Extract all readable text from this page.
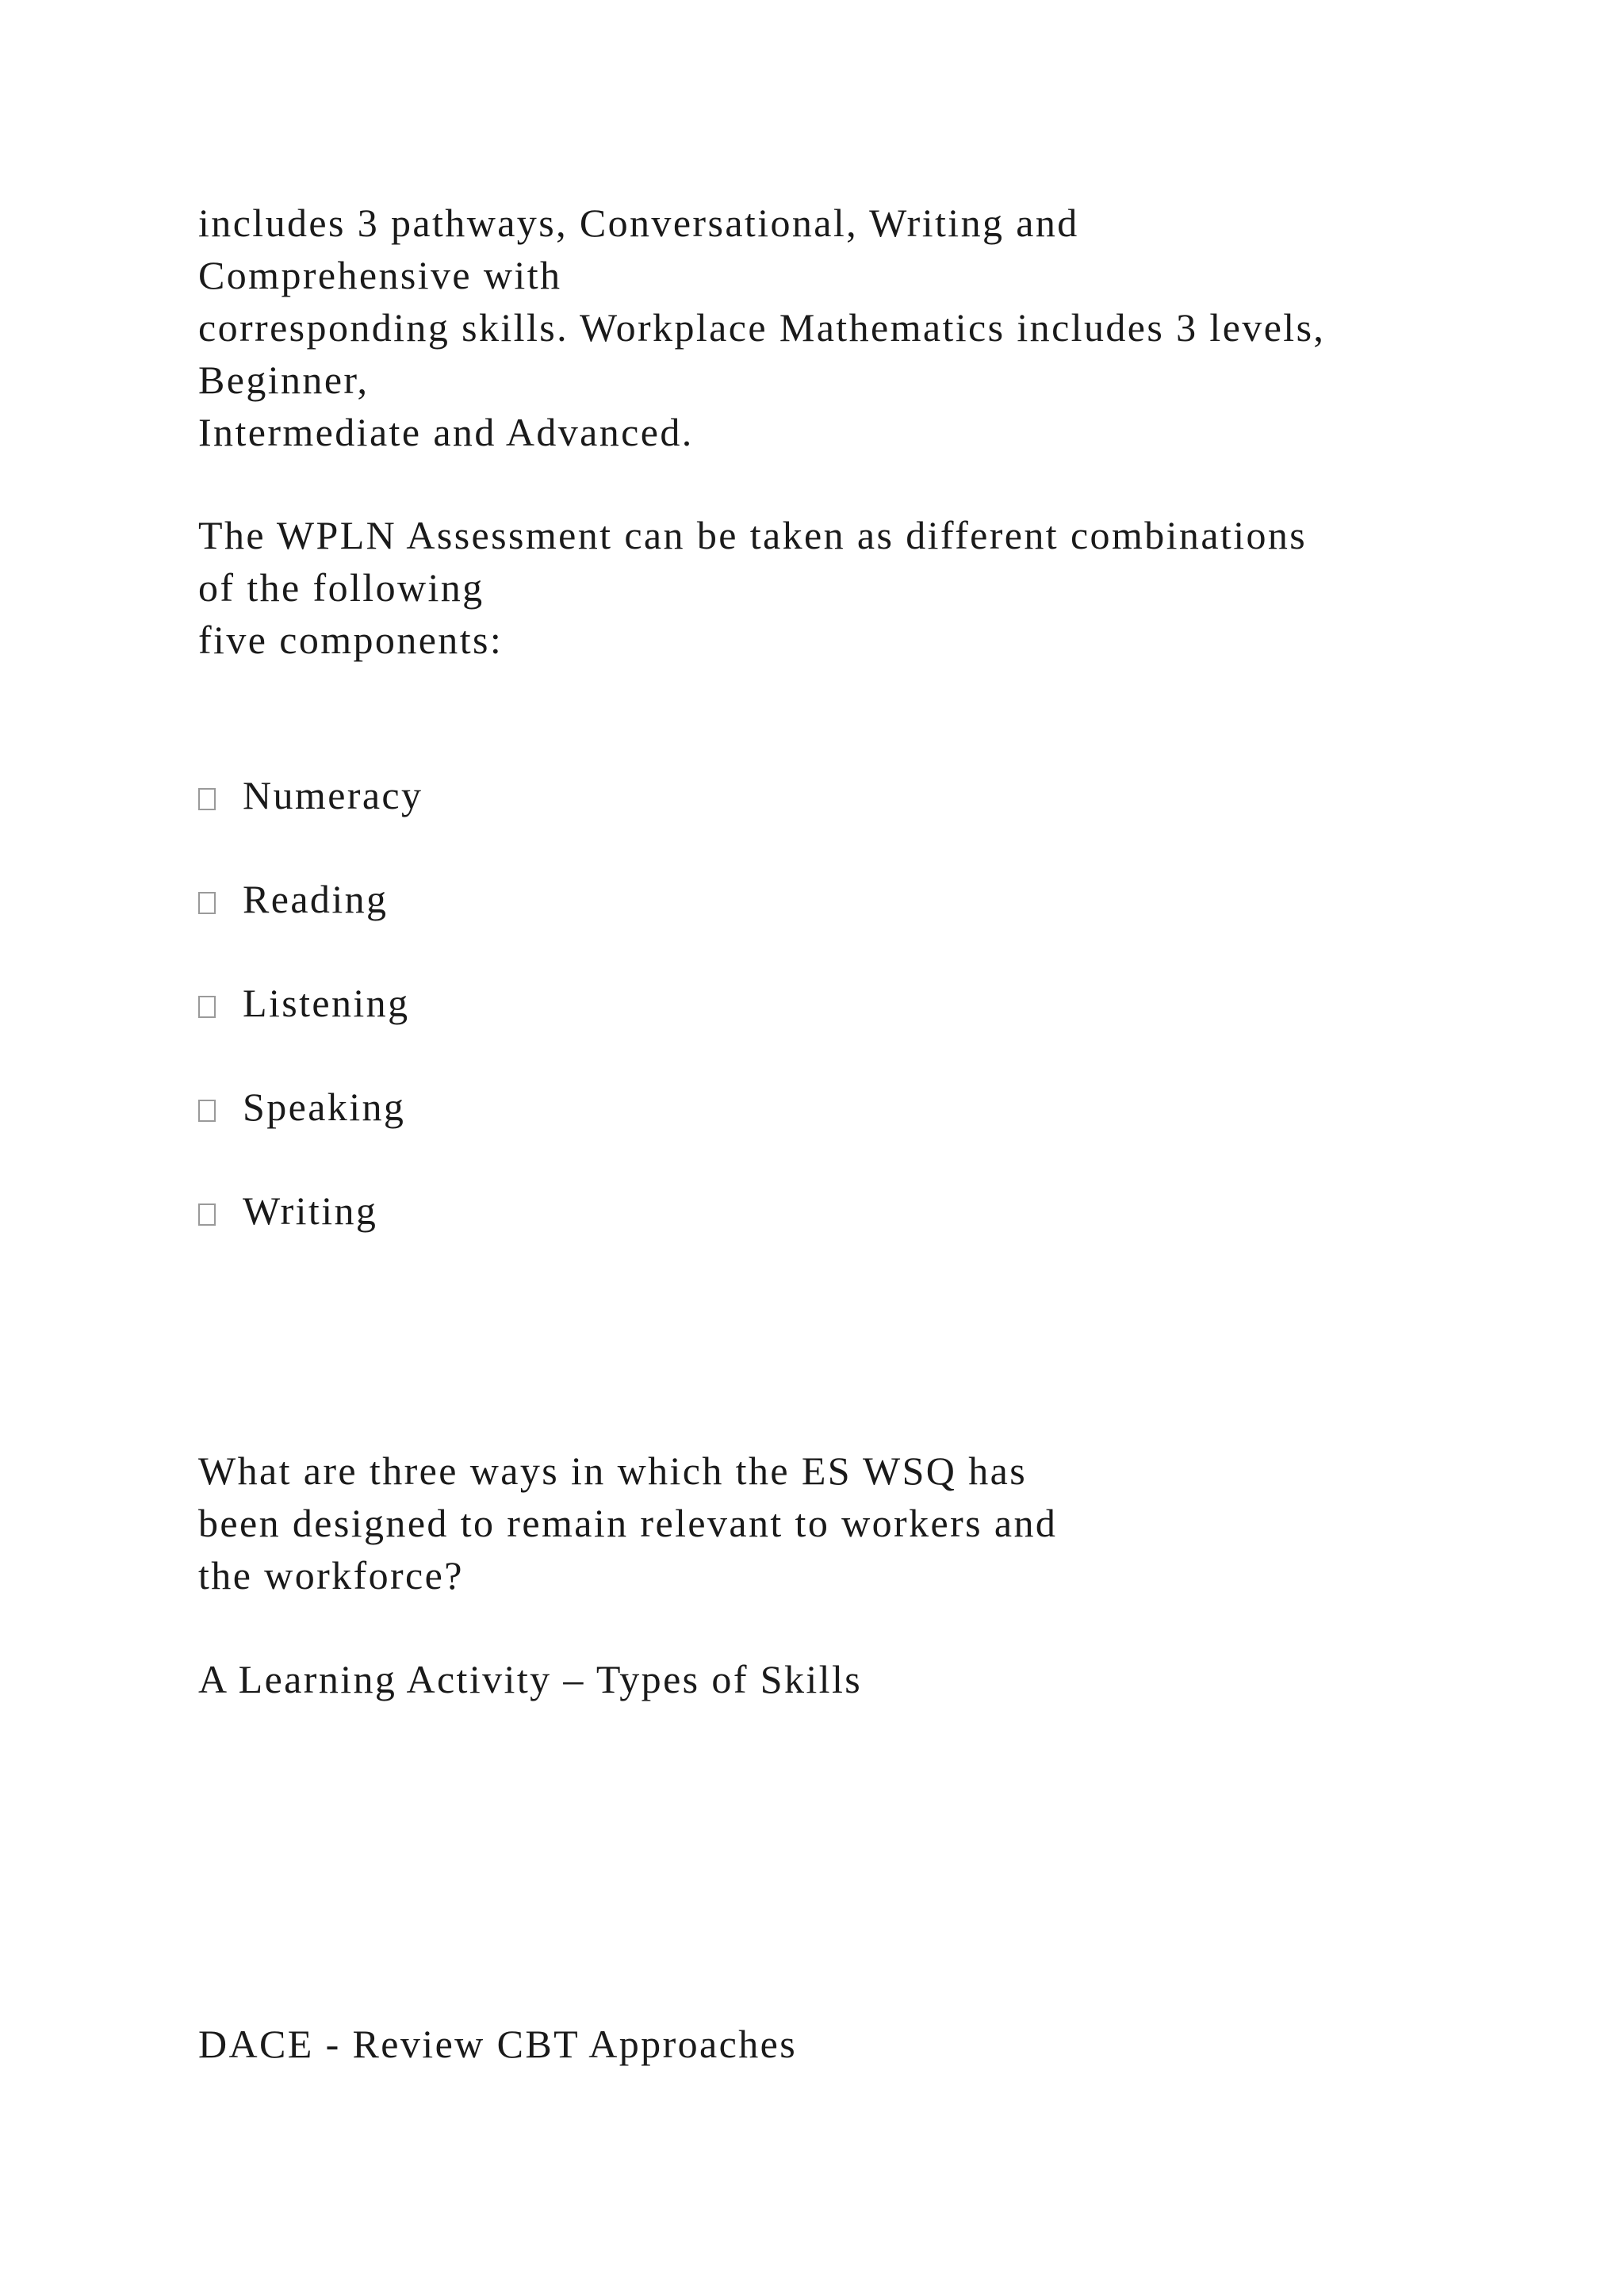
includes 3 pathways, Conversational, Writing and
Comprehensive with
corresponding skills. Workplace Mathematics includes 3 levels,
Beginner,
Intermediate and Advanced.
The WPLN Assessment can be taken as different combinations
of the following
five components:
Numeracy
Reading
Listening
Speaking
Writing
What are three ways in which the ES WSQ has
been designed to remain relevant to workers and
the workforce?
A Learning Activity – Types of Skills
DACE - Review CBT Approaches
